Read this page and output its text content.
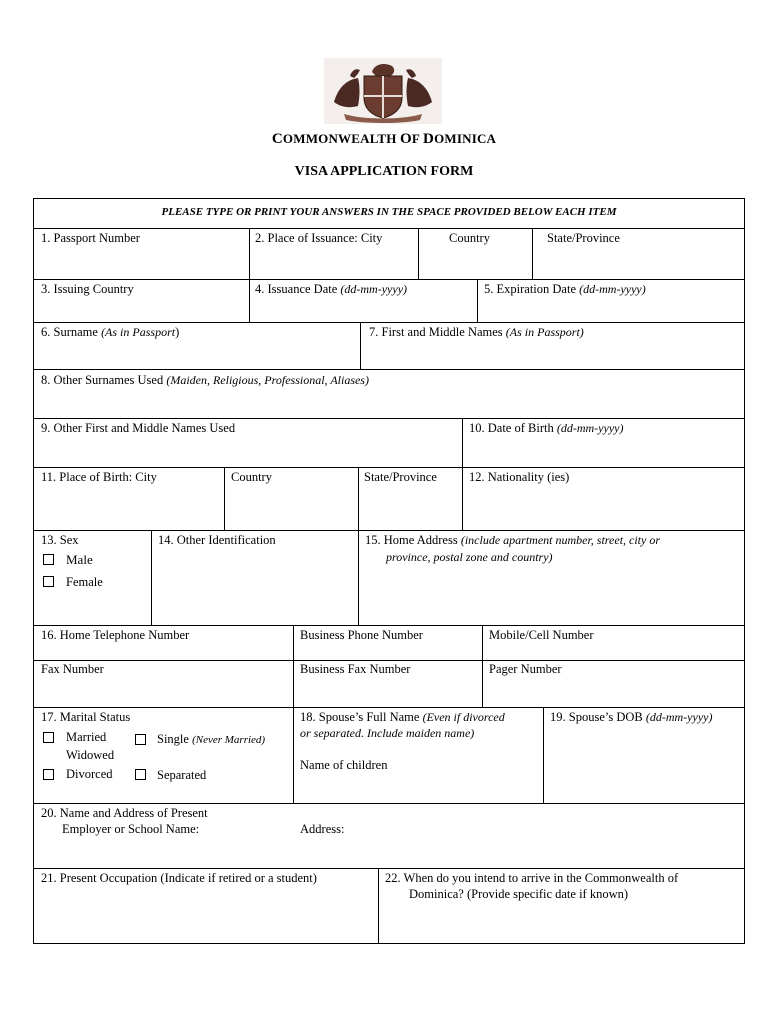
COMMONWEALTH OF DOMINICA
VISA APPLICATION FORM
PLEASE TYPE OR PRINT YOUR ANSWERS IN THE SPACE PROVIDED BELOW EACH ITEM
1. Passport Number	2. Place of Issuance: City	Country	State/Province
3. Issuing Country	4. Issuance Date (dd-mm-yyyy)	5. Expiration Date (dd-mm-yyyy)
6. Surname (As in Passport)	7. First and Middle Names (As in Passport)
8. Other Surnames Used (Maiden, Religious, Professional, Aliases)
9. Other First and Middle Names Used	10. Date of Birth (dd-mm-yyyy)
11. Place of Birth: City	Country	State/Province	12. Nationality (ies)
13. Sex
Male
Female
14. Other Identification	15. Home Address (include apartment number, street, city or
province, postal zone and country)
16. Home Telephone Number	Business Phone Number	Mobile/Cell Number
Fax Number	Business Fax Number	Pager Number
17. Marital Status
Married	Single (Never Married)
Widowed
Divorced	Separated
18. Spouse’s Full Name (Even if divorced
or separated. Include maiden name)
Name of children
19. Spouse’s DOB (dd-mm-yyyy)
20. Name and Address of Present
Employer or School Name:	Address:
21. Present Occupation (Indicate if retired or a student)	22. When do you intend to arrive in the Commonwealth of
Dominica? (Provide specific date if known)
